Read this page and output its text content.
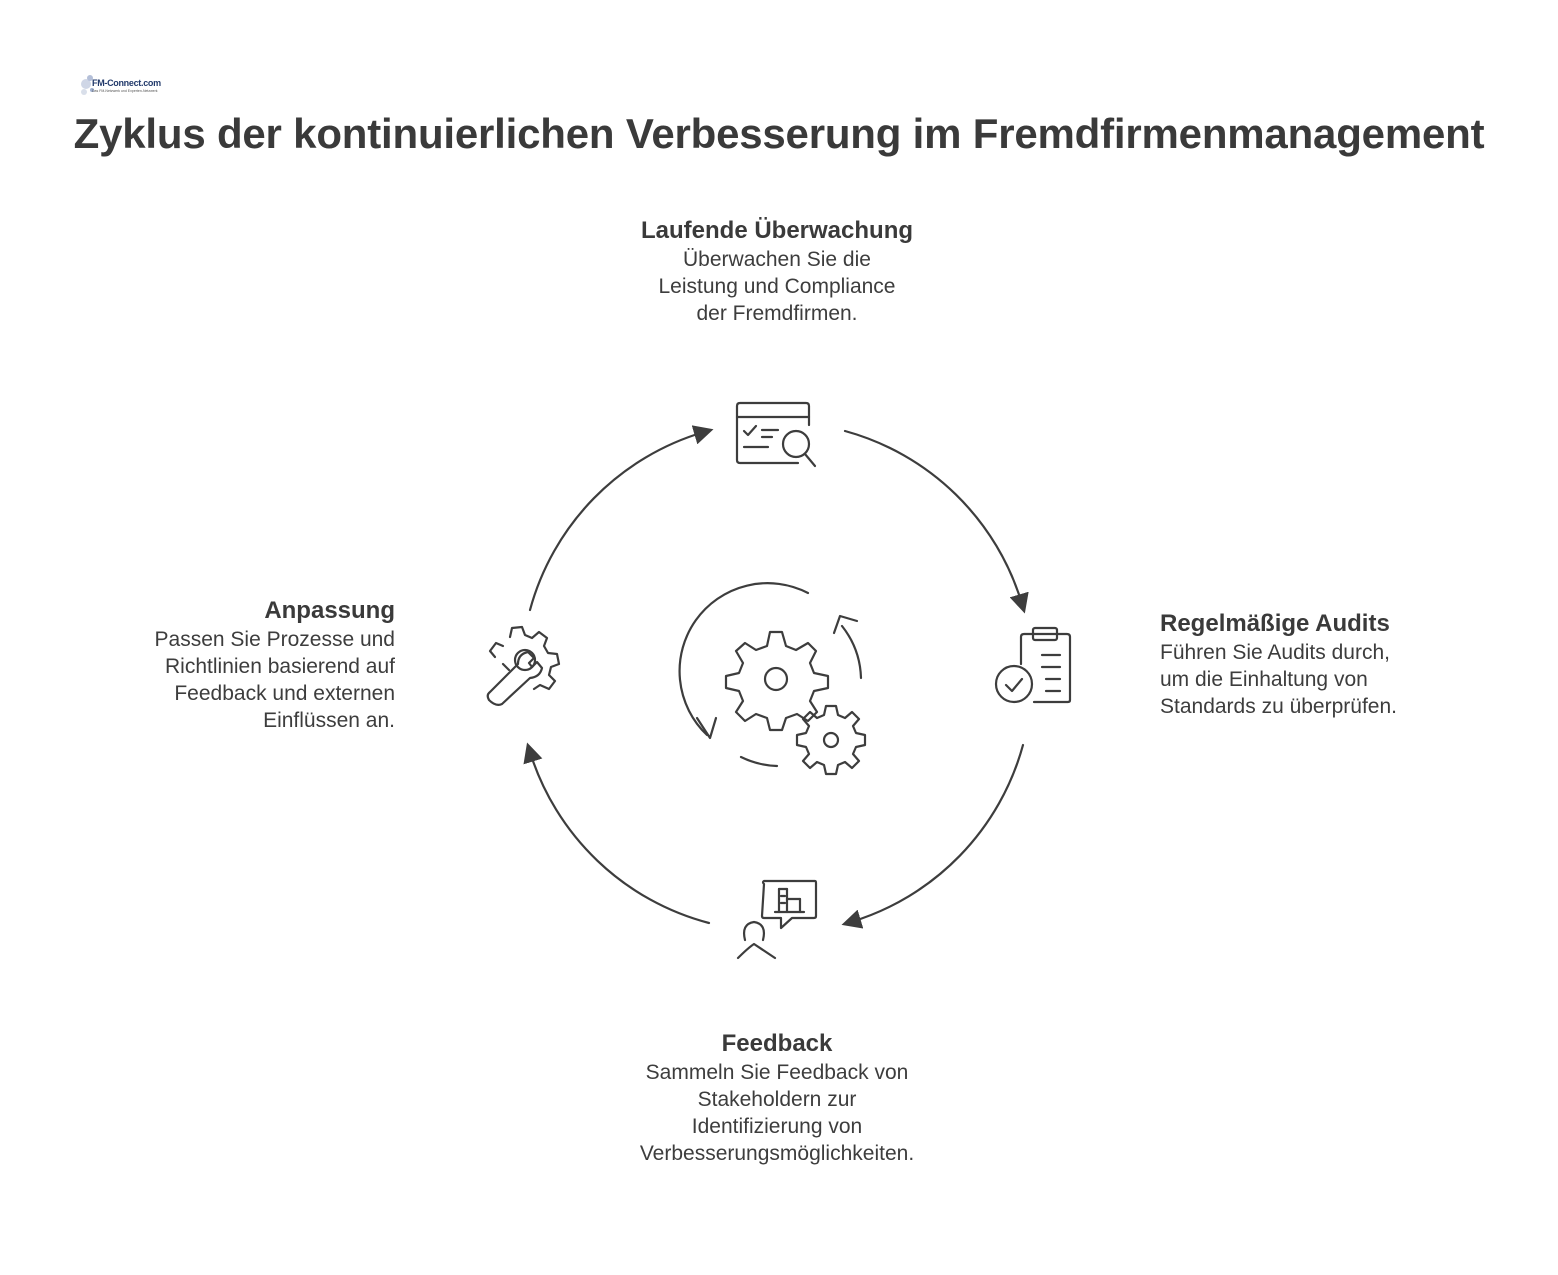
FM-Connect.com
Das FM-Netzwerk und Experten-Netzwerk
Zyklus der kontinuierlichen Verbesserung im Fremdfirmenmanagement
Laufende Überwachung

Überwachen Sie die
Leistung und Compliance
der Fremdfirmen.

Regelmäßige Audits

Führen Sie Audits durch,
um die Einhaltung von
Standards zu überprüfen.

Anpassung

Passen Sie Prozesse und
Richtlinien basierend auf
Feedback und externen
Einflüssen an.

Feedback

Sammeln Sie Feedback von
Stakeholdern zur
Identifizierung von
Verbesserungsmöglichkeiten.
